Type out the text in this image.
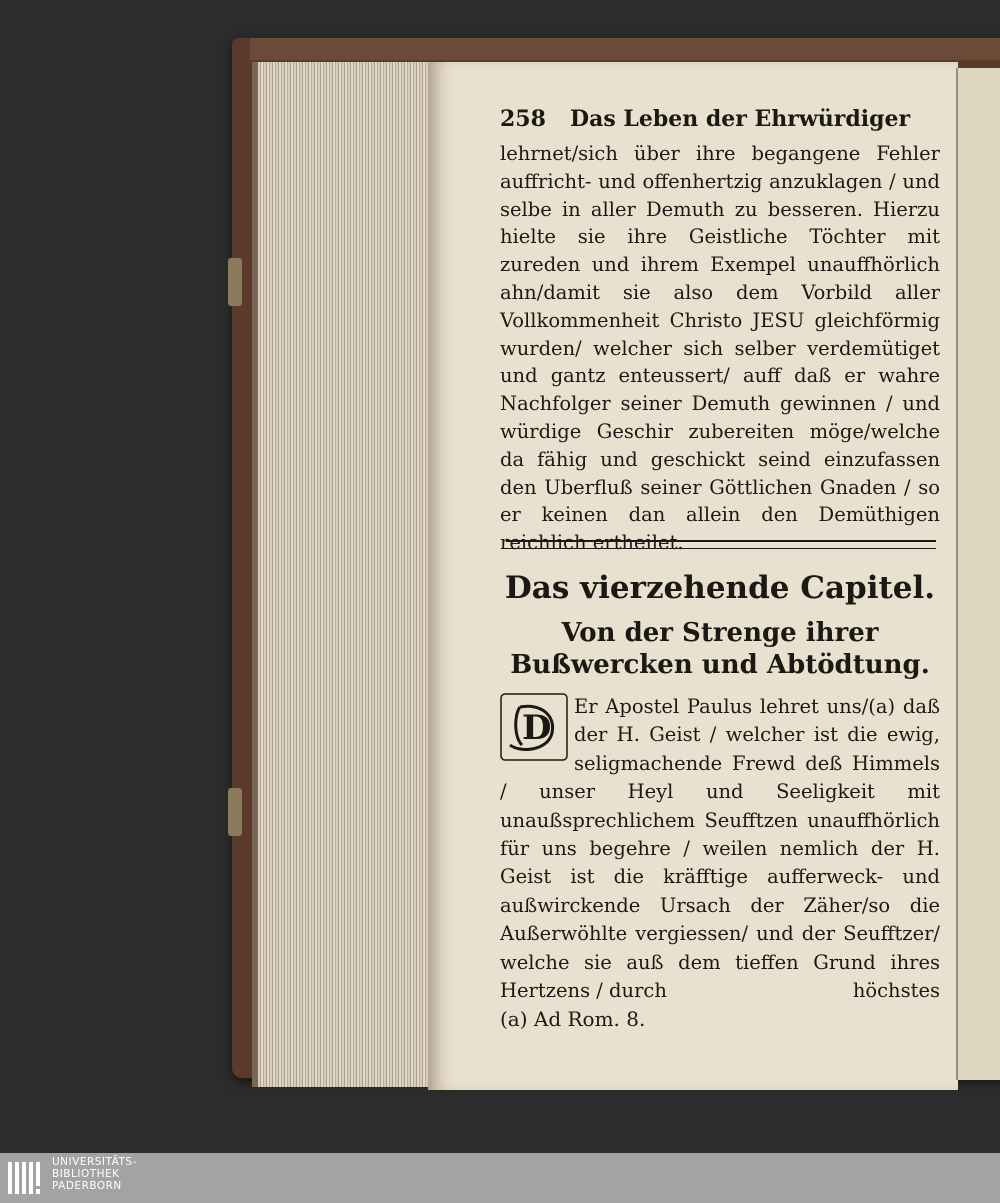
258	Das Leben der Ehrwürdiger

lehrnet/sich über ihre begangene Fehler auffricht- und offenhertzig anzuklagen / und selbe in aller Demuth zu besseren. Hierzu hielte sie ihre Geistliche Töchter mit zureden und ihrem Exempel unauffhörlich ahn/damit sie also dem Vorbild aller Vollkommenheit Christo JESU gleichförmig wurden/ welcher sich selber verdemütiget und gantz enteussert/ auff daß er wahre Nachfolger seiner Demuth gewinnen / und würdige Geschir zubereiten möge/welche da fähig und geschickt seind einzufassen den Uberfluß seiner Göttlichen Gnaden / so er keinen dan allein den Demüthigen reichlich ertheilet.

Das vierzehende Capitel.
Von der Strenge ihrer Bußwercken und Abtödtung.
D
Er Apostel Paulus lehret uns/(a) daß der H. Geist / welcher ist die ewig, seligmachende Frewd deß Himmels / unser Heyl und Seeligkeit mit unaußsprechlichem Seufftzen unauffhörlich für uns begehre / weilen nemlich der H. Geist ist die kräfftige aufferweck- und außwirckende Ursach der Zäher/so die Außerwöhlte vergiessen/ und der Seufftzer/ welche sie auß dem tieffen Grund ihres Hertzens / durch	höchstes
(a) Ad Rom. 8.
UNIVERSITÄTS-
BIBLIOTHEK
PADERBORN
